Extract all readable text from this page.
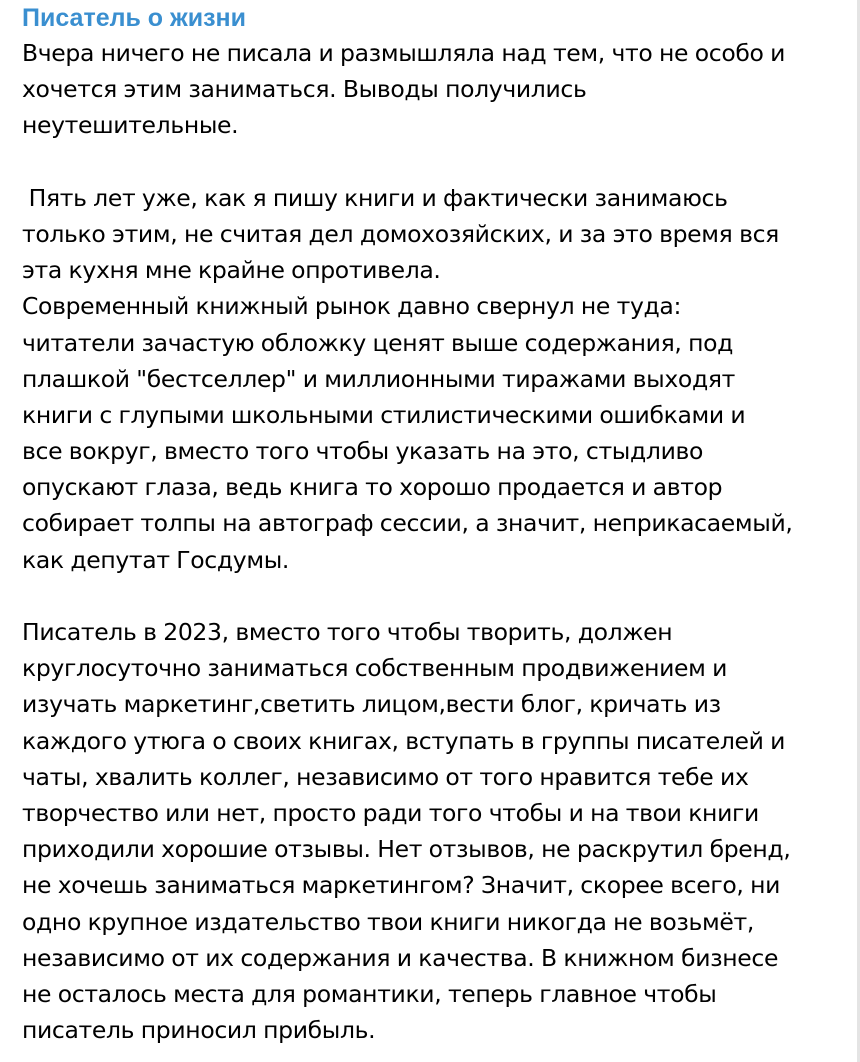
Писатель о жизни
Вчера ничего не писала и размышляла над тем, что не особо и
хочется этим заниматься. Выводы получились
неутешительные.
Пять лет уже, как я пишу книги и фактически занимаюсь
только этим, не считая дел домохозяйских, и за это время вся
эта кухня мне крайне опротивела.
Современный книжный рынок давно свернул не туда:
читатели зачастую обложку ценят выше содержания, под
плашкой "бестселлер" и миллионными тиражами выходят
книги с глупыми школьными стилистическими ошибками и
все вокруг, вместо того чтобы указать на это, стыдливо
опускают глаза, ведь книга то хорошо продается и автор
собирает толпы на автограф сессии, а значит, неприкасаемый,
как депутат Госдумы.
Писатель в 2023, вместо того чтобы творить, должен
круглосуточно заниматься собственным продвижением и
изучать маркетинг,светить лицом,вести блог, кричать из
каждого утюга о своих книгах, вступать в группы писателей и
чаты, хвалить коллег, независимо от того нравится тебе их
творчество или нет, просто ради того чтобы и на твои книги
приходили хорошие отзывы. Нет отзывов, не раскрутил бренд,
не хочешь заниматься маркетингом? Значит, скорее всего, ни
одно крупное издательство твои книги никогда не возьмёт,
независимо от их содержания и качества. В книжном бизнесе
не осталось места для романтики, теперь главное чтобы
писатель приносил прибыль.
